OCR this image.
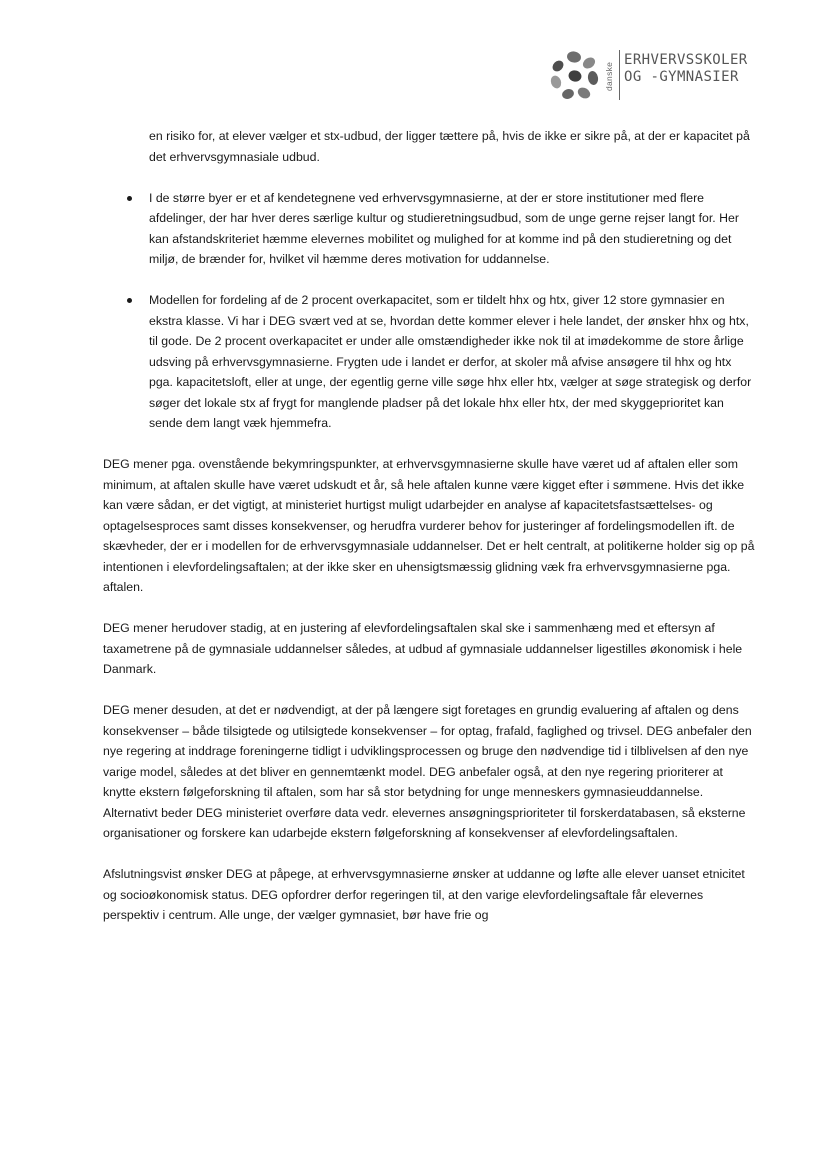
danske
ERHVERVSSKOLER
OG -GYMNASIER

en risiko for, at elever vælger et stx-udbud, der ligger tættere på, hvis de ikke er sikre på, at der er kapacitet på det erhvervsgymnasiale udbud.

I de større byer er et af kendetegnene ved erhvervsgymnasierne, at der er store institutioner med flere afdelinger, der har hver deres særlige kultur og studieretningsudbud, som de unge gerne rejser langt for. Her kan afstandskriteriet hæmme elevernes mobilitet og mulighed for at komme ind på den studieretning og det miljø, de brænder for, hvilket vil hæmme deres motivation for uddannelse.
Modellen for fordeling af de 2 procent overkapacitet, som er tildelt hhx og htx, giver 12 store gymnasier en ekstra klasse. Vi har i DEG svært ved at se, hvordan dette kommer elever i hele landet, der ønsker hhx og htx, til gode. De 2 procent overkapacitet er under alle omstændigheder ikke nok til at imødekomme de store årlige udsving på erhvervsgymnasierne. Frygten ude i landet er derfor, at skoler må afvise ansøgere til hhx og htx pga. kapacitetsloft, eller at unge, der egentlig gerne ville søge hhx eller htx, vælger at søge strategisk og derfor søger det lokale stx af frygt for manglende pladser på det lokale hhx eller htx, der med skyggeprioritet kan sende dem langt væk hjemmefra.

DEG mener pga. ovenstående bekymringspunkter, at erhvervsgymnasierne skulle have været ud af aftalen eller som minimum, at aftalen skulle have været udskudt et år, så hele aftalen kunne være kigget efter i sømmene. Hvis det ikke kan være sådan, er det vigtigt, at ministeriet hurtigst muligt udarbejder en analyse af kapacitetsfastsættelses- og optagelsesproces samt disses konsekvenser, og herudfra vurderer behov for justeringer af fordelingsmodellen ift. de skævheder, der er i modellen for de erhvervsgymnasiale uddannelser. Det er helt centralt, at politikerne holder sig op på intentionen i elevfordelingsaftalen; at der ikke sker en uhensigtsmæssig glidning væk fra erhvervsgymnasierne pga. aftalen.

DEG mener herudover stadig, at en justering af elevfordelingsaftalen skal ske i sammenhæng med et eftersyn af taxametrene på de gymnasiale uddannelser således, at udbud af gymnasiale uddannelser ligestilles økonomisk i hele Danmark.

DEG mener desuden, at det er nødvendigt, at der på længere sigt foretages en grundig evaluering af aftalen og dens konsekvenser – både tilsigtede og utilsigtede konsekvenser – for optag, frafald, faglighed og trivsel. DEG anbefaler den nye regering at inddrage foreningerne tidligt i udviklingsprocessen og bruge den nødvendige tid i tilblivelsen af den nye varige model, således at det bliver en gennemtænkt model. DEG anbefaler også, at den nye regering prioriterer at knytte ekstern følgeforskning til aftalen, som har så stor betydning for unge menneskers gymnasieuddannelse. Alternativt beder DEG ministeriet overføre data vedr. elevernes ansøgningsprioriteter til forskerdatabasen, så eksterne organisationer og forskere kan udarbejde ekstern følgeforskning af konsekvenser af elevfordelingsaftalen.

Afslutningsvist ønsker DEG at påpege, at erhvervsgymnasierne ønsker at uddanne og løfte alle elever uanset etnicitet og socioøkonomisk status. DEG opfordrer derfor regeringen til, at den varige elevfordelingsaftale får elevernes perspektiv i centrum. Alle unge, der vælger gymnasiet, bør have frie og
